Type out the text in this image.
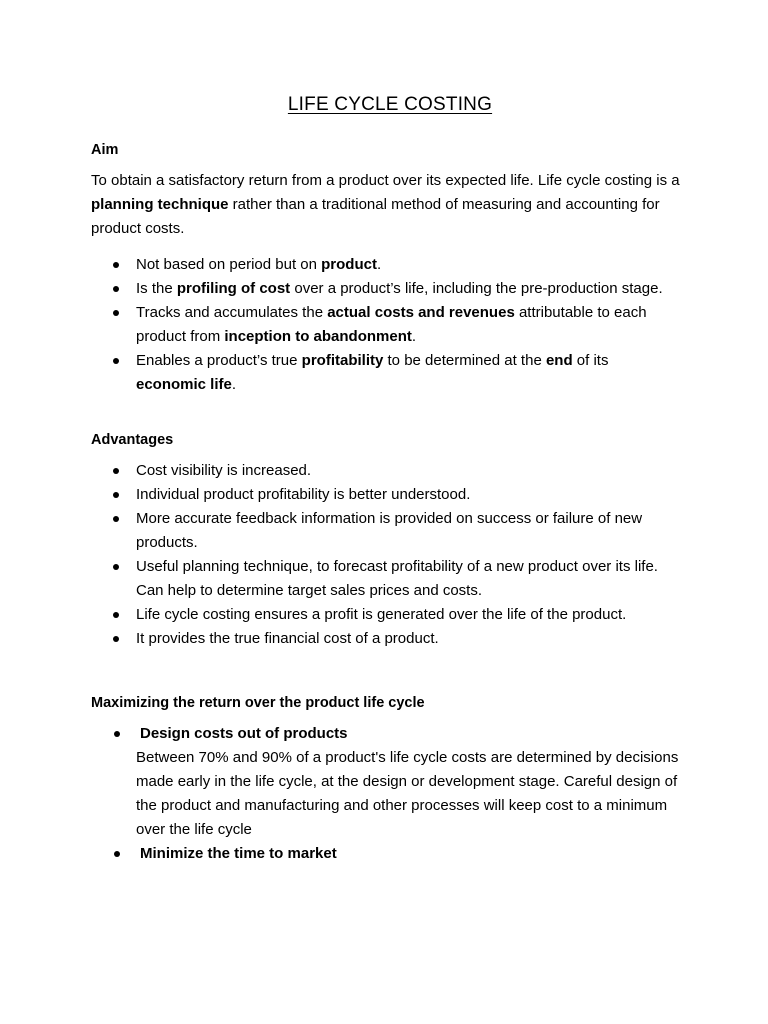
LIFE CYCLE COSTING
Aim

To obtain a satisfactory return from a product over its expected life. Life cycle costing is a planning technique rather than a traditional method of measuring and accounting for product costs.

Not based on period but on product.
Is the profiling of cost over a product’s life, including the pre-production stage.
Tracks and accumulates the actual costs and revenues attributable to each product from inception to abandonment.
Enables a product’s true profitability to be determined at the end of its economic life.
Advantages
Cost visibility is increased.
Individual product profitability is better understood.
More accurate feedback information is provided on success or failure of new products.
Useful planning technique, to forecast profitability of a new product over its life. Can help to determine target sales prices and costs.
Life cycle costing ensures a profit is generated over the life of the product.
It provides the true financial cost of a product.
Maximizing the return over the product life cycle
Design costs out of products
Between 70% and 90% of a product's life cycle costs are determined by decisions made early in the life cycle, at the design or development stage. Careful design of the product and manufacturing and other processes will keep cost to a minimum over the life cycle
Minimize the time to market
